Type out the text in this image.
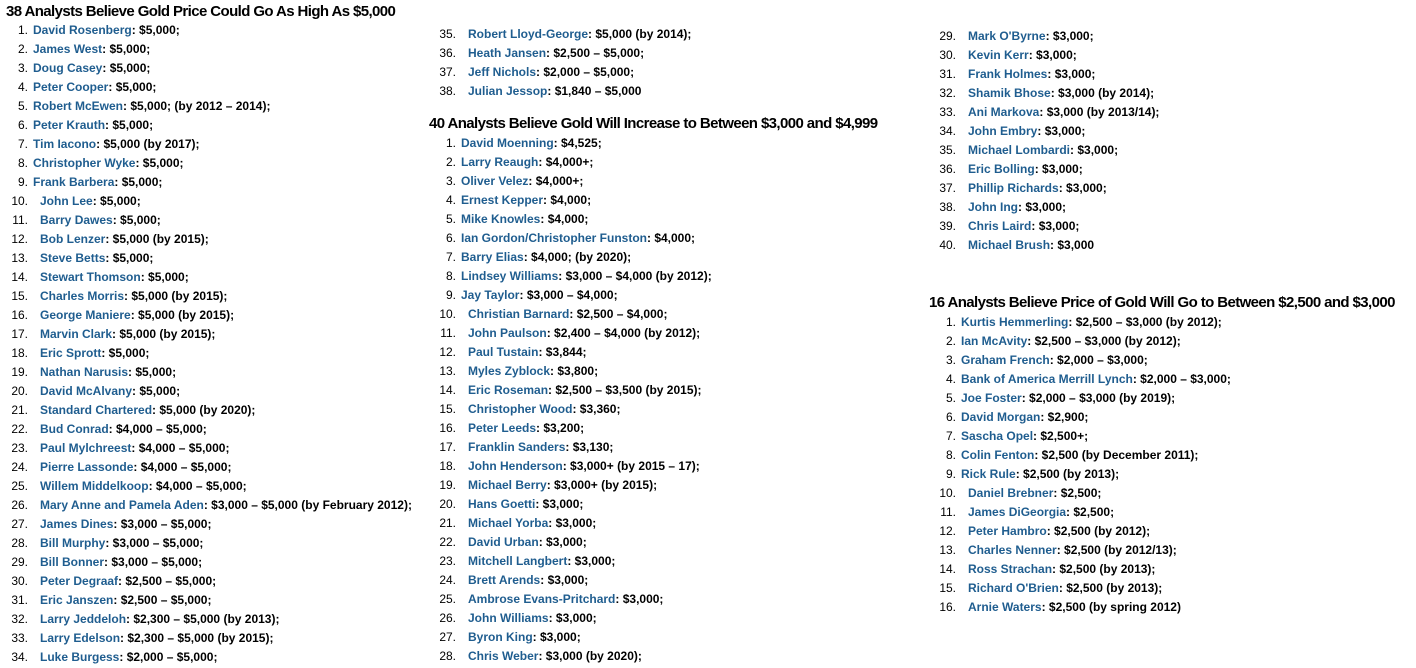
38 Analysts Believe Gold Price Could Go As High As $5,000
1. David Rosenberg: $5,000;
2. James West: $5,000;
3. Doug Casey: $5,000;
4. Peter Cooper: $5,000;
5. Robert McEwen: $5,000; (by 2012 – 2014);
6. Peter Krauth: $5,000;
7. Tim Iacono: $5,000 (by 2017);
8. Christopher Wyke: $5,000;
9. Frank Barbera: $5,000;
10. John Lee: $5,000;
11. Barry Dawes: $5,000;
12. Bob Lenzer: $5,000 (by 2015);
13. Steve Betts: $5,000;
14. Stewart Thomson: $5,000;
15. Charles Morris: $5,000 (by 2015);
16. George Maniere: $5,000 (by 2015);
17. Marvin Clark: $5,000 (by 2015);
18. Eric Sprott: $5,000;
19. Nathan Narusis: $5,000;
20. David McAlvany: $5,000;
21. Standard Chartered: $5,000 (by 2020);
22. Bud Conrad: $4,000 – $5,000;
23. Paul Mylchreest: $4,000 – $5,000;
24. Pierre Lassonde: $4,000 – $5,000;
25. Willem Middelkoop: $4,000 – $5,000;
26. Mary Anne and Pamela Aden: $3,000 – $5,000 (by February 2012);
27. James Dines: $3,000 – $5,000;
28. Bill Murphy: $3,000 – $5,000;
29. Bill Bonner: $3,000 – $5,000;
30. Peter Degraaf: $2,500 – $5,000;
31. Eric Janszen: $2,500 – $5,000;
32. Larry Jeddeloh: $2,300 – $5,000 (by 2013);
33. Larry Edelson: $2,300 – $5,000 (by 2015);
34. Luke Burgess: $2,000 – $5,000;
35. Robert Lloyd-George: $5,000 (by 2014);
36. Heath Jansen: $2,500 – $5,000;
37. Jeff Nichols: $2,000 – $5,000;
38. Julian Jessop: $1,840 – $5,000
40 Analysts Believe Gold Will Increase to Between $3,000 and $4,999
1. David Moenning: $4,525;
2. Larry Reaugh: $4,000+;
3. Oliver Velez: $4,000+;
4. Ernest Kepper: $4,000;
5. Mike Knowles: $4,000;
6. Ian Gordon/Christopher Funston: $4,000;
7. Barry Elias: $4,000; (by 2020);
8. Lindsey Williams: $3,000 – $4,000 (by 2012);
9. Jay Taylor: $3,000 – $4,000;
10. Christian Barnard: $2,500 – $4,000;
11. John Paulson: $2,400 – $4,000 (by 2012);
12. Paul Tustain: $3,844;
13. Myles Zyblock: $3,800;
14. Eric Roseman: $2,500 – $3,500 (by 2015);
15. Christopher Wood: $3,360;
16. Peter Leeds: $3,200;
17. Franklin Sanders: $3,130;
18. John Henderson: $3,000+ (by 2015 – 17);
19. Michael Berry: $3,000+ (by 2015);
20. Hans Goetti: $3,000;
21. Michael Yorba: $3,000;
22. David Urban: $3,000;
23. Mitchell Langbert: $3,000;
24. Brett Arends: $3,000;
25. Ambrose Evans-Pritchard: $3,000;
26. John Williams: $3,000;
27. Byron King: $3,000;
28. Chris Weber: $3,000 (by 2020);
29. Mark O'Byrne: $3,000;
30. Kevin Kerr: $3,000;
31. Frank Holmes: $3,000;
32. Shamik Bhose: $3,000 (by 2014);
33. Ani Markova: $3,000 (by 2013/14);
34. John Embry: $3,000;
35. Michael Lombardi: $3,000;
36. Eric Bolling: $3,000;
37. Phillip Richards: $3,000;
38. John Ing: $3,000;
39. Chris Laird: $3,000;
40. Michael Brush: $3,000
16 Analysts Believe Price of Gold Will Go to Between $2,500 and $3,000
1. Kurtis Hemmerling: $2,500 – $3,000 (by 2012);
2. Ian McAvity: $2,500 – $3,000 (by 2012);
3. Graham French: $2,000 – $3,000;
4. Bank of America Merrill Lynch: $2,000 – $3,000;
5. Joe Foster: $2,000 – $3,000 (by 2019);
6. David Morgan: $2,900;
7. Sascha Opel: $2,500+;
8. Colin Fenton: $2,500 (by December 2011);
9. Rick Rule: $2,500 (by 2013);
10. Daniel Brebner: $2,500;
11. James DiGeorgia: $2,500;
12. Peter Hambro: $2,500 (by 2012);
13. Charles Nenner: $2,500 (by 2012/13);
14. Ross Strachan: $2,500 (by 2013);
15. Richard O'Brien: $2,500 (by 2013);
16. Arnie Waters: $2,500 (by spring 2012)
